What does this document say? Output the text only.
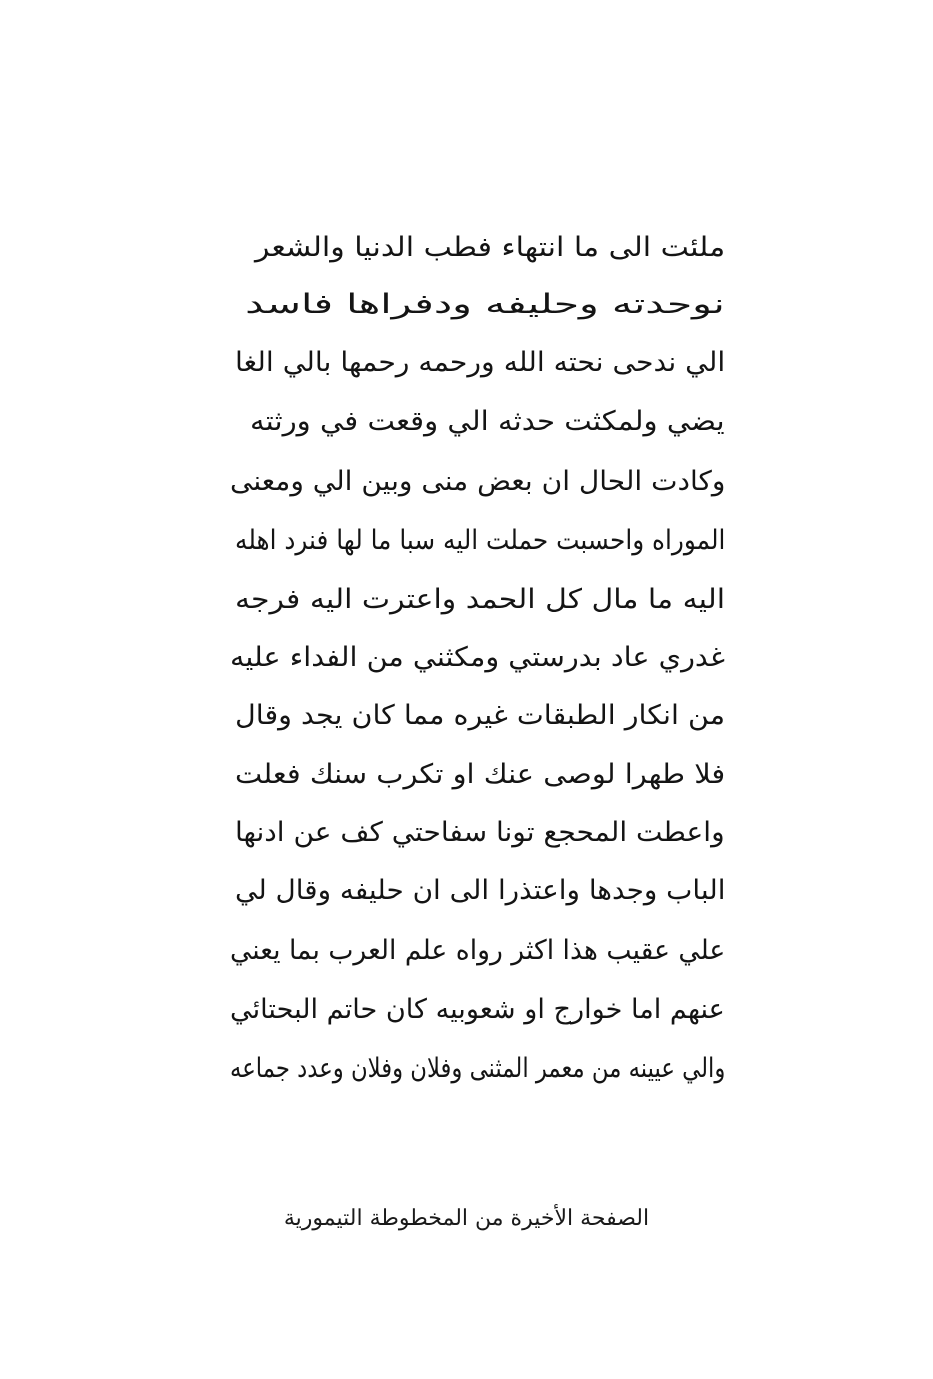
ملئت الى ما انتهاء فطب الدنيا والشعر
نوحدته وحليفه ودفراها فاسد
الي ندحى نحته الله ورحمه رحمها بالي الغا
يضي ولمكثت حدثه الي وقعت في ورثته
وكادت الحال ان بعض منى وبين الي ومعنى
الموراه واحسبت حملت اليه سبا ما لها فنرد اهله
اليه ما مال كل الحمد واعترت اليه فرجه
غدري عاد بدرستي ومكثني من الفداء عليه
من انكار الطبقات غيره مما كان يجد وقال
فلا طهرا لوصى عنك او تكرب سنك فعلت
واعطت المحجع تونا سفاحتي كف عن ادنها
الباب وجدها واعتذرا الى ان حليفه وقال لي
علي عقيب هذا اكثر رواه علم العرب بما يعني
عنهم اما خوارج او شعوبيه كان حاتم البحتائي
والي عيينه من معمر المثنى وفلان وفلان وعدد جماعه
الصفحة الأخيرة من المخطوطة التيمورية
